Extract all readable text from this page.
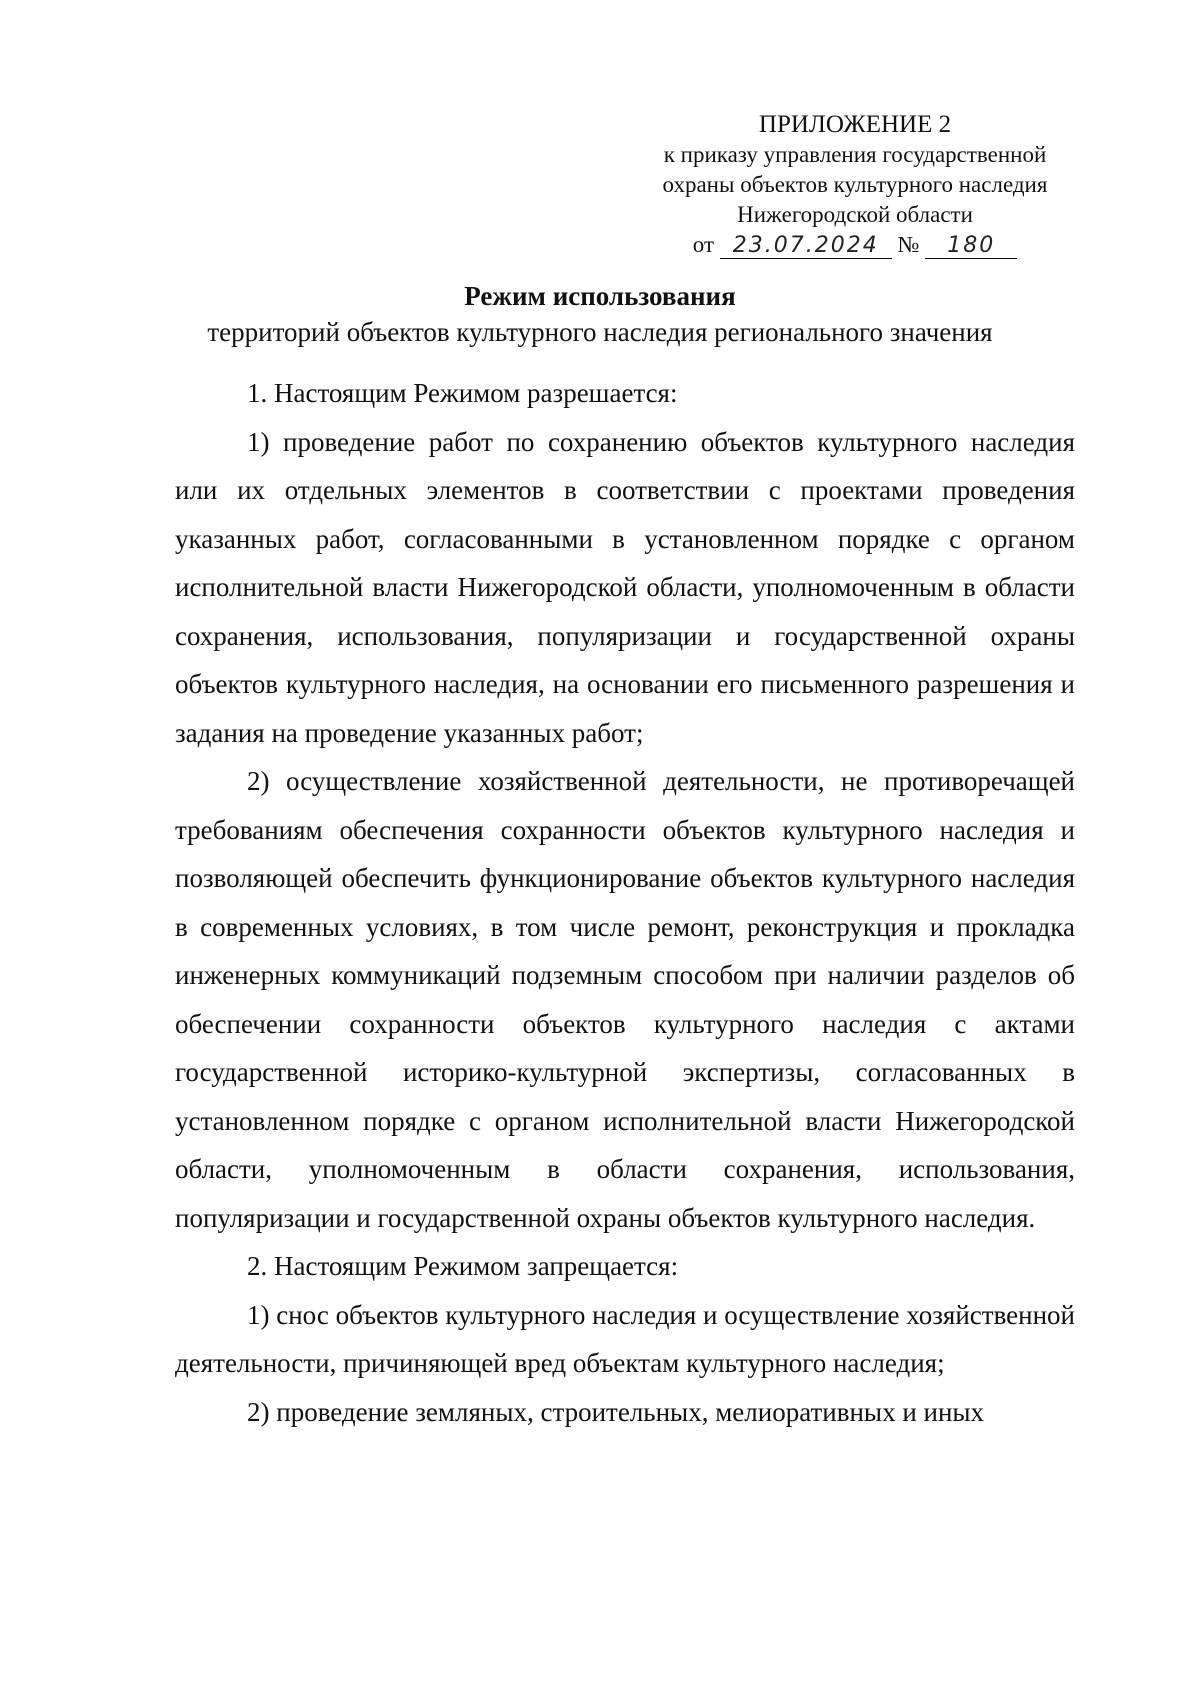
ПРИЛОЖЕНИЕ 2
к приказу управления государственной
охраны объектов культурного наследия
Нижегородской области
от 23.07.2024 № 180
Режим использования
территорий объектов культурного наследия регионального значения

1. Настоящим Режимом разрешается:

1) проведение работ по сохранению объектов культурного наследия или их отдельных элементов в соответствии с проектами проведения указанных работ, согласованными в установленном порядке с органом исполнительной власти Нижегородской области, уполномоченным в области сохранения, использования, популяризации и государственной охраны объектов культурного наследия, на основании его письменного разрешения и задания на проведение указанных работ;

2) осуществление хозяйственной деятельности, не противоречащей требованиям обеспечения сохранности объектов культурного наследия и позволяющей обеспечить функционирование объектов культурного наследия в современных условиях, в том числе ремонт, реконструкция и прокладка инженерных коммуникаций подземным способом при наличии разделов об обеспечении сохранности объектов культурного наследия с актами государственной историко-культурной экспертизы, согласованных в установленном порядке с органом исполнительной власти Нижегородской области, уполномоченным в области сохранения, использования, популяризации и государственной охраны объектов культурного наследия.

2. Настоящим Режимом запрещается:

1) снос объектов культурного наследия и осуществление хозяйственной деятельности, причиняющей вред объектам культурного наследия;

2) проведение земляных, строительных, мелиоративных и иных
